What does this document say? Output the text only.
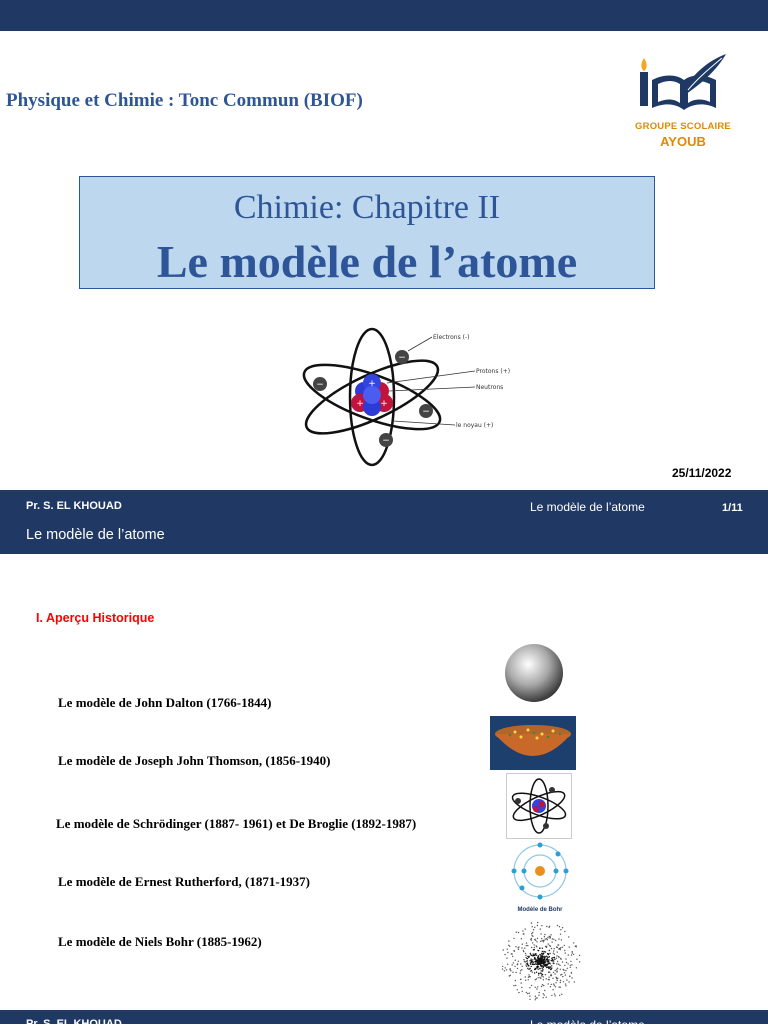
Physique et Chimie : Tonc Commun (BIOF)
GROUPE SCOLAIRE
AYOUB
Chimie: Chapitre II
Le modèle de l’atome
+
+ +
−
−
−
−
Electrons (-)
Protons (+)
Neutrons
le noyau (+)
25/11/2022
Pr. S. EL KHOUAD	Le modèle de l’atome	1/11
Le modèle de l’atome
I. Aperçu Historique
Le modèle de John Dalton (1766-1844)
Le modèle de Joseph John Thomson, (1856-1940)
Le modèle de Schrödinger (1887- 1961) et De Broglie (1892-1987)
Le modèle de Ernest Rutherford, (1871-1937)
Le modèle de Niels Bohr (1885-1962)
Modèle de Bohr
Pr. S. EL KHOUAD	Le modèle de l’atome
